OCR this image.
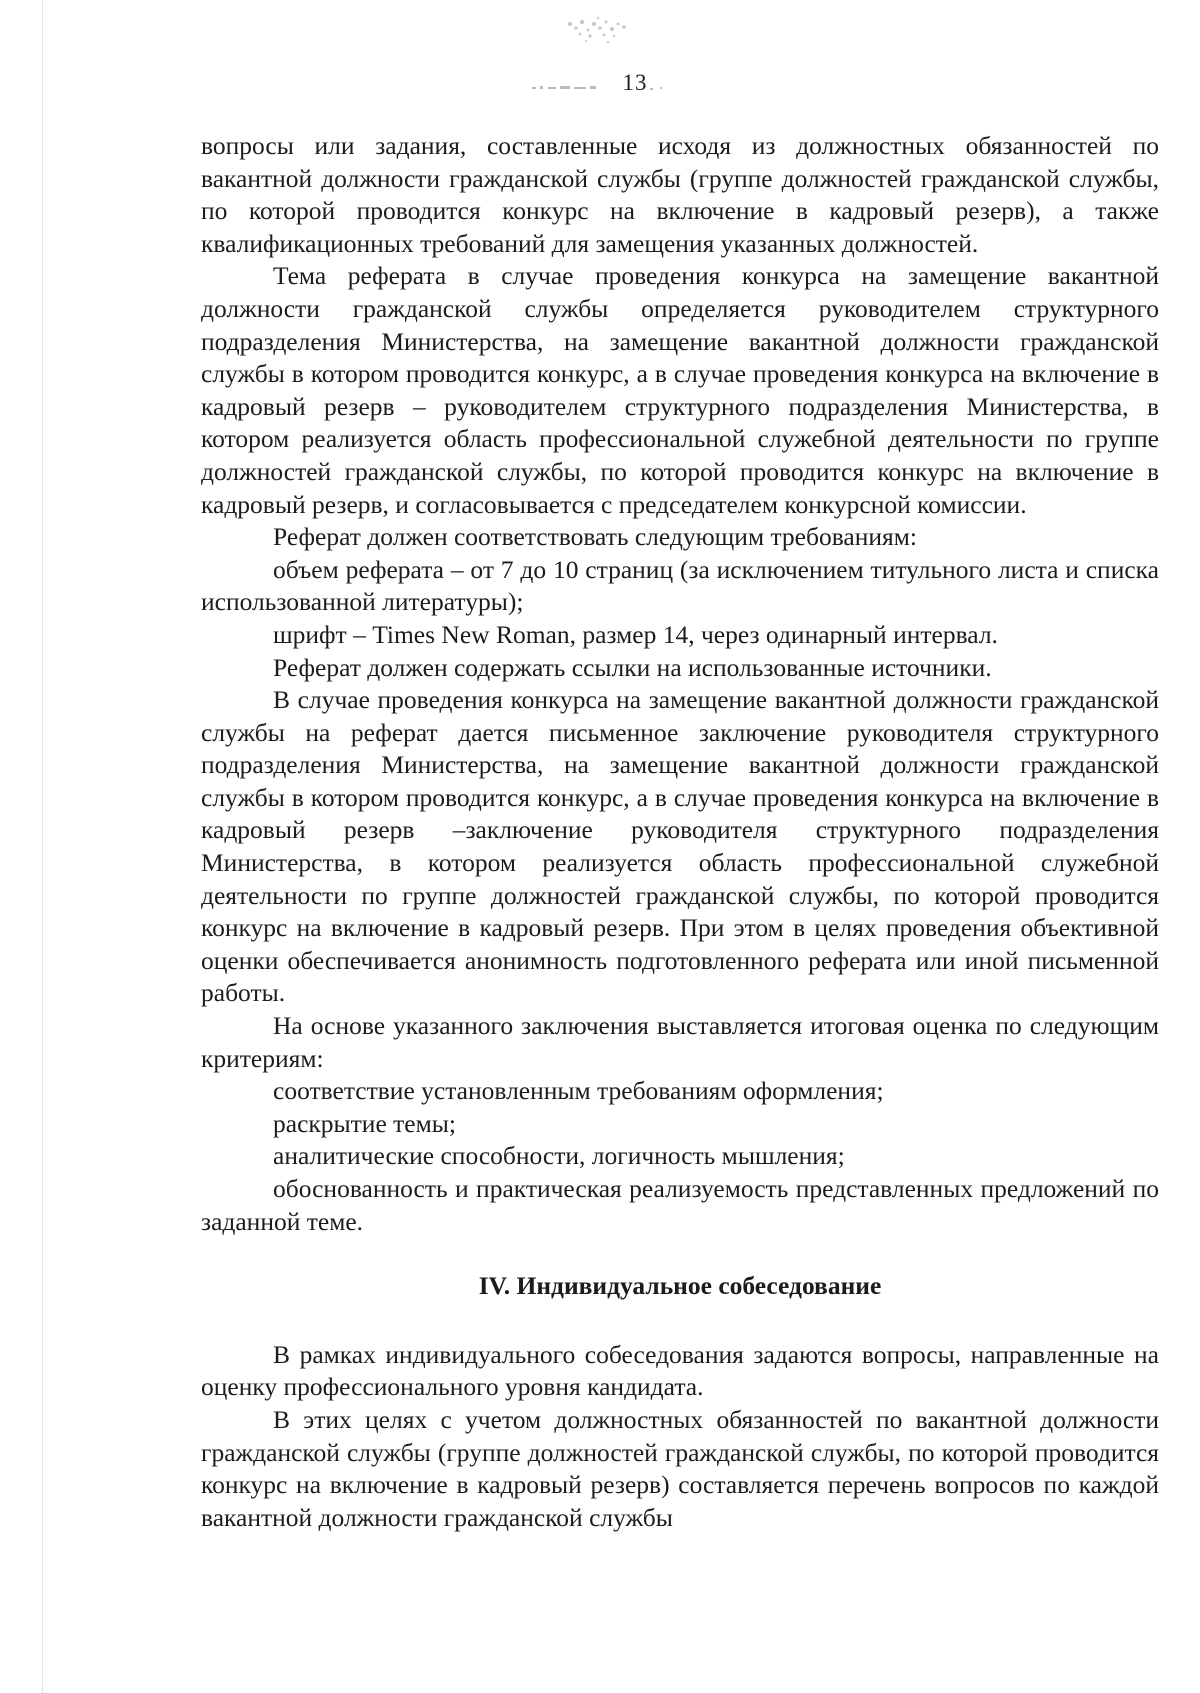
13

вопросы или задания, составленные исходя из должностных обязанностей по вакантной должности гражданской службы (группе должностей гражданской службы, по которой проводится конкурс на включение в кадровый резерв), а также квалификационных требований для замещения указанных должностей.

Тема реферата в случае проведения конкурса на замещение вакантной должности гражданской службы определяется руководителем структурного подразделения Министерства, на замещение вакантной должности гражданской службы в котором проводится конкурс, а в случае проведения конкурса на включение в кадровый резерв – руководителем структурного подразделения Министерства, в котором реализуется область профессиональной служебной деятельности по группе должностей гражданской службы, по которой проводится конкурс на включение в кадровый резерв, и согласовывается с председателем конкурсной комиссии.

Реферат должен соответствовать следующим требованиям:

объем реферата – от 7 до 10 страниц (за исключением титульного листа и списка использованной литературы);

шрифт – Times New Roman, размер 14, через одинарный интервал.

Реферат должен содержать ссылки на использованные источники.

В случае проведения конкурса на замещение вакантной должности гражданской службы на реферат дается письменное заключение руководителя структурного подразделения Министерства, на замещение вакантной должности гражданской службы в котором проводится конкурс, а в случае проведения конкурса на включение в кадровый резерв –заключение руководителя структурного подразделения Министерства, в котором реализуется область профессиональной служебной деятельности по группе должностей гражданской службы, по которой проводится конкурс на включение в кадровый резерв. При этом в целях проведения объективной оценки обеспечивается анонимность подготовленного реферата или иной письменной работы.

На основе указанного заключения выставляется итоговая оценка по следующим критериям:

соответствие установленным требованиям оформления;

раскрытие темы;

аналитические способности, логичность мышления;

обоснованность и практическая реализуемость представленных предложений по заданной теме.

IV. Индивидуальное собеседование

В рамках индивидуального собеседования задаются вопросы, направленные на оценку профессионального уровня кандидата.

В этих целях с учетом должностных обязанностей по вакантной должности гражданской службы (группе должностей гражданской службы, по которой проводится конкурс на включение в кадровый резерв) составляется перечень вопросов по каждой вакантной должности гражданской службы
